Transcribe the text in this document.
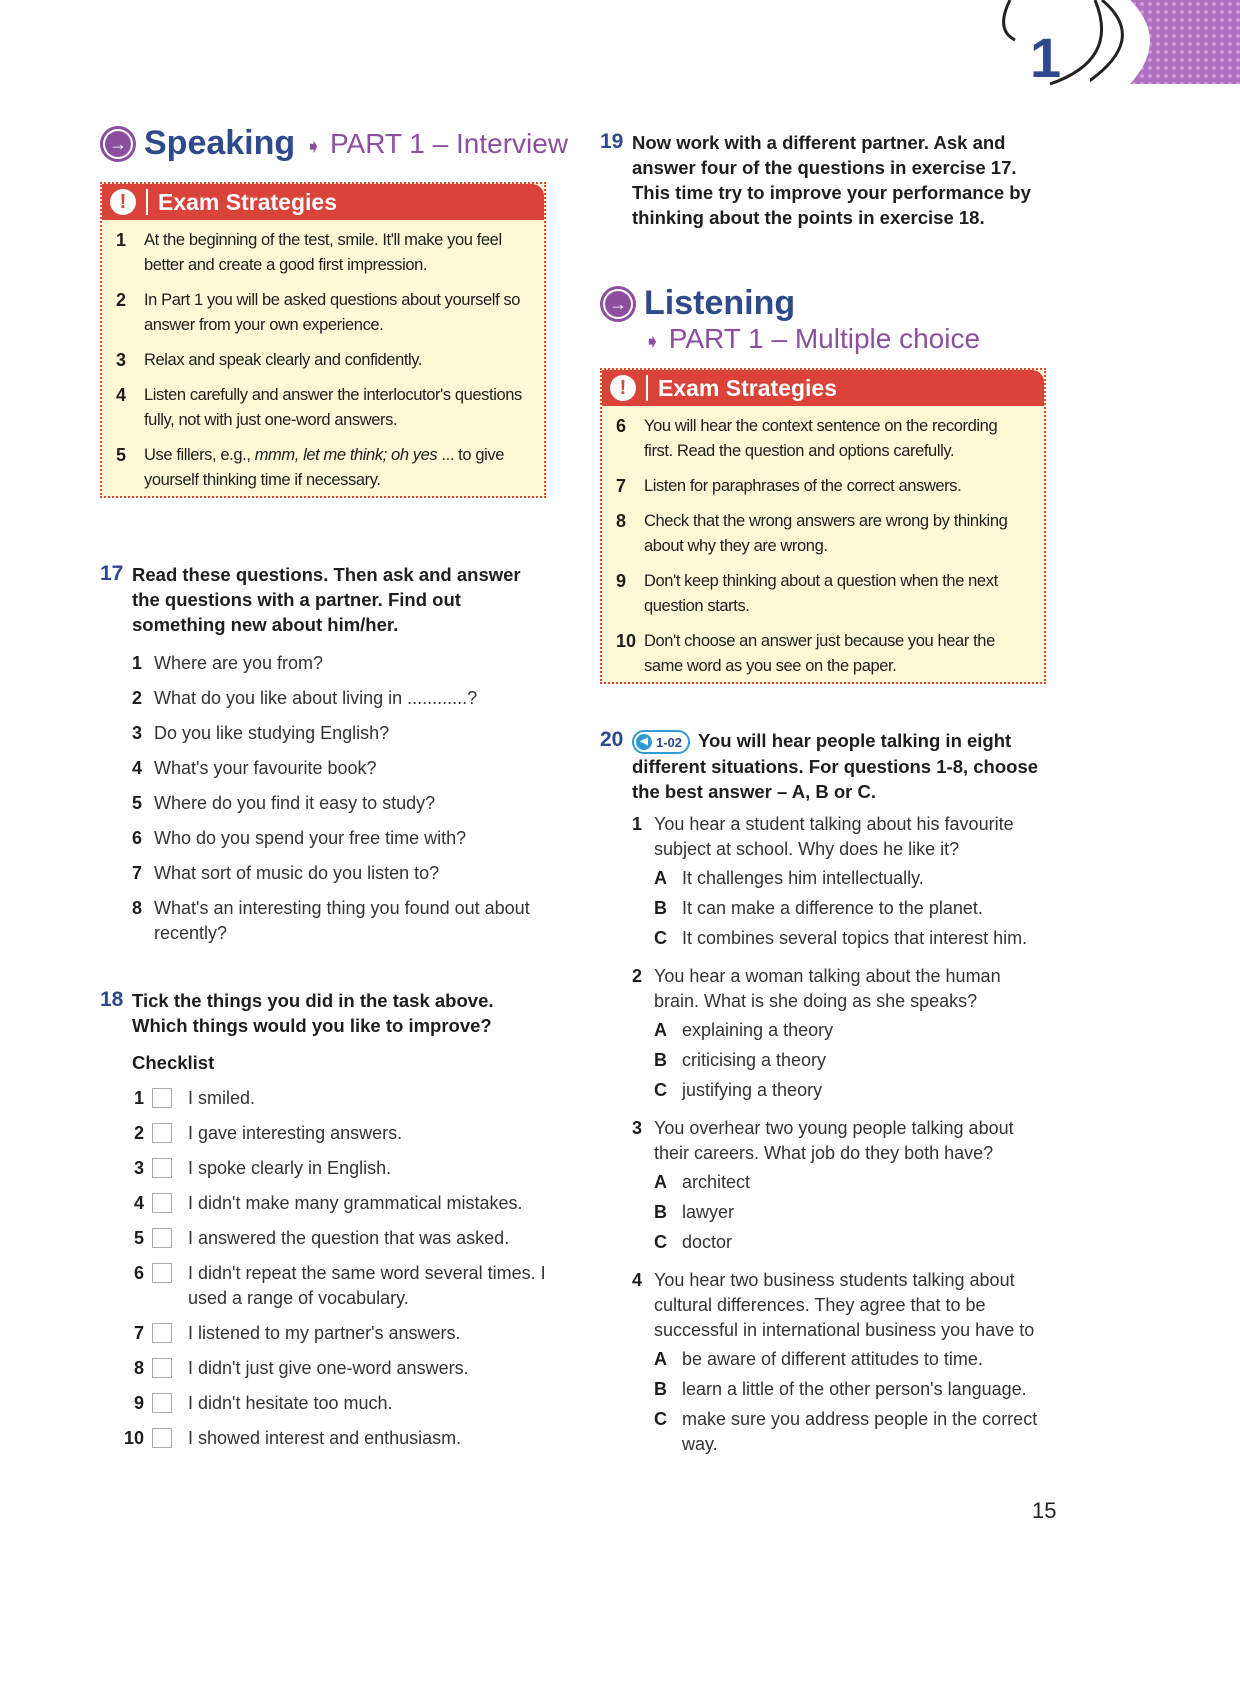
1
→ Speaking ➧ PART 1 – Interview
!	Exam Strategies
1	At the beginning of the test, smile. It'll make you feel better and create a good first impression.
2	In Part 1 you will be asked questions about yourself so answer from your own experience.
3	Relax and speak clearly and confidently.
4	Listen carefully and answer the interlocutor's questions fully, not with just one-word answers.
5	Use fillers, e.g., mmm, let me think; oh yes ... to give yourself thinking time if necessary.
17 Read these questions. Then ask and answer the questions with a partner. Find out something new about him/her.
1 Where are you from?
2 What do you like about living in ............?
3 Do you like studying English?
4 What's your favourite book?
5 Where do you find it easy to study?
6 Who do you spend your free time with?
7 What sort of music do you listen to?
8 What's an interesting thing you found out about recently?
18 Tick the things you did in the task above. Which things would you like to improve?
Checklist
1 I smiled.
2 I gave interesting answers.
3 I spoke clearly in English.
4 I didn't make many grammatical mistakes.
5 I answered the question that was asked.
6 I didn't repeat the same word several times. I used a range of vocabulary.
7 I listened to my partner's answers.
8 I didn't just give one-word answers.
9 I didn't hesitate too much.
10 I showed interest and enthusiasm.
19 Now work with a different partner. Ask and answer four of the questions in exercise 17. This time try to improve your performance by thinking about the points in exercise 18.
→ Listening
➧ PART 1 – Multiple choice
!	Exam Strategies
6	You will hear the context sentence on the recording first. Read the question and options carefully.
7	Listen for paraphrases of the correct answers.
8	Check that the wrong answers are wrong by thinking about why they are wrong.
9	Don't keep thinking about a question when the next question starts.
10 Don't choose an answer just because you hear the same word as you see on the paper.
20	◀ 1-02 You will hear people talking in eight different situations. For questions 1-8, choose the best answer – A, B or C.
1 You hear a student talking about his favourite subject at school. Why does he like it?
A It challenges him intellectually.
B It can make a difference to the planet.
C It combines several topics that interest him.
2 You hear a woman talking about the human brain. What is she doing as she speaks?
A explaining a theory
B criticising a theory
C justifying a theory
3 You overhear two young people talking about their careers. What job do they both have?
A architect
B lawyer
C doctor
4 You hear two business students talking about cultural differences. They agree that to be successful in international business you have to
A be aware of different attitudes to time.
B learn a little of the other person's language.
C make sure you address people in the correct way.
15
